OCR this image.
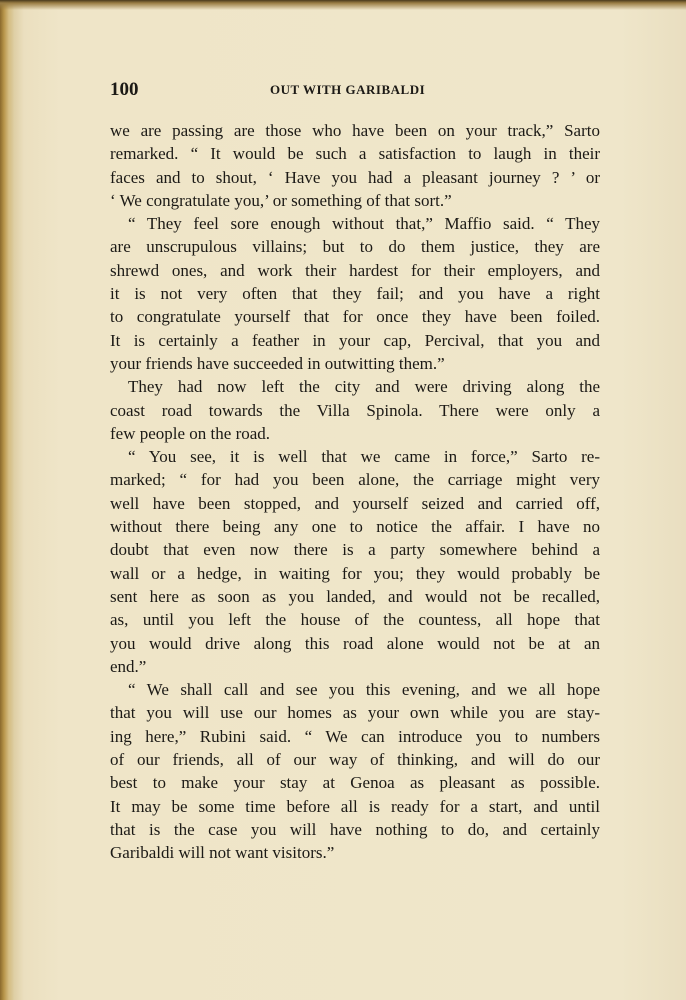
100	OUT WITH GARIBALDI
we are passing are those who have been on your track,” Sarto
remarked. “ It would be such a satisfaction to laugh in their
faces and to shout, ‘ Have you had a pleasant journey ? ’ or
‘ We congratulate you,’ or something of that sort.”
“ They feel sore enough without that,” Maffio said. “ They
are unscrupulous villains; but to do them justice, they are
shrewd ones, and work their hardest for their employers, and
it is not very often that they fail; and you have a right
to congratulate yourself that for once they have been foiled.
It is certainly a feather in your cap, Percival, that you and
your friends have succeeded in outwitting them.”
They had now left the city and were driving along the
coast road towards the Villa Spinola. There were only a
few people on the road.
“ You see, it is well that we came in force,” Sarto re-
marked; “ for had you been alone, the carriage might very
well have been stopped, and yourself seized and carried off,
without there being any one to notice the affair. I have no
doubt that even now there is a party somewhere behind a
wall or a hedge, in waiting for you; they would probably be
sent here as soon as you landed, and would not be recalled,
as, until you left the house of the countess, all hope that
you would drive along this road alone would not be at an
end.”
“ We shall call and see you this evening, and we all hope
that you will use our homes as your own while you are stay-
ing here,” Rubini said. “ We can introduce you to numbers
of our friends, all of our way of thinking, and will do our
best to make your stay at Genoa as pleasant as possible.
It may be some time before all is ready for a start, and until
that is the case you will have nothing to do, and certainly
Garibaldi will not want visitors.”
